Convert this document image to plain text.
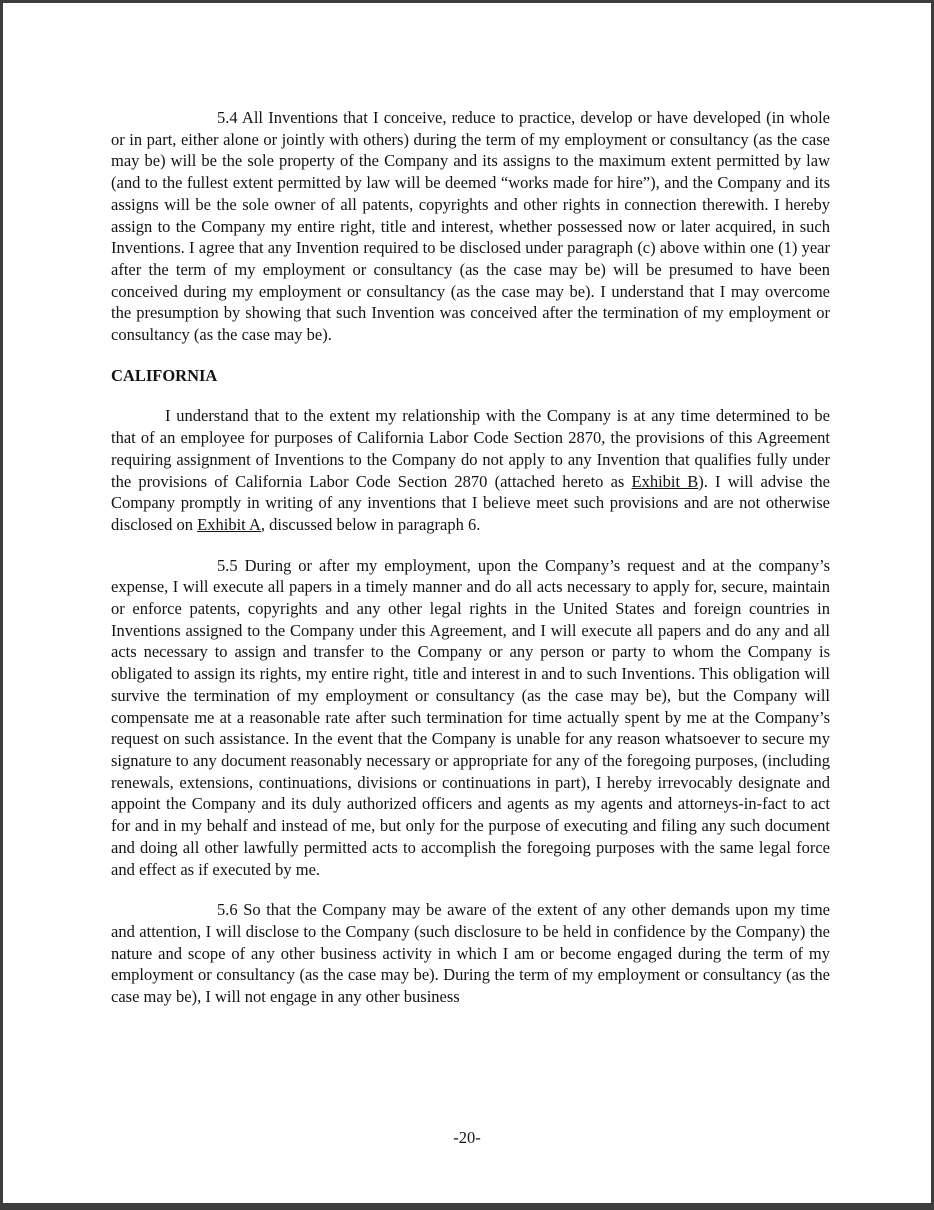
5.4 All Inventions that I conceive, reduce to practice, develop or have developed (in whole or in part, either alone or jointly with others) during the term of my employment or consultancy (as the case may be) will be the sole property of the Company and its assigns to the maximum extent permitted by law (and to the fullest extent permitted by law will be deemed “works made for hire”), and the Company and its assigns will be the sole owner of all patents, copyrights and other rights in connection therewith. I hereby assign to the Company my entire right, title and interest, whether possessed now or later acquired, in such Inventions. I agree that any Invention required to be disclosed under paragraph (c) above within one (1) year after the term of my employment or consultancy (as the case may be) will be presumed to have been conceived during my employment or consultancy (as the case may be). I understand that I may overcome the presumption by showing that such Invention was conceived after the termination of my employment or consultancy (as the case may be).

CALIFORNIA

I understand that to the extent my relationship with the Company is at any time determined to be that of an employee for purposes of California Labor Code Section 2870, the provisions of this Agreement requiring assignment of Inventions to the Company do not apply to any Invention that qualifies fully under the provisions of California Labor Code Section 2870 (attached hereto as Exhibit B). I will advise the Company promptly in writing of any inventions that I believe meet such provisions and are not otherwise disclosed on Exhibit A, discussed below in paragraph 6.

5.5 During or after my employment, upon the Company’s request and at the company’s expense, I will execute all papers in a timely manner and do all acts necessary to apply for, secure, maintain or enforce patents, copyrights and any other legal rights in the United States and foreign countries in Inventions assigned to the Company under this Agreement, and I will execute all papers and do any and all acts necessary to assign and transfer to the Company or any person or party to whom the Company is obligated to assign its rights, my entire right, title and interest in and to such Inventions. This obligation will survive the termination of my employment or consultancy (as the case may be), but the Company will compensate me at a reasonable rate after such termination for time actually spent by me at the Company’s request on such assistance. In the event that the Company is unable for any reason whatsoever to secure my signature to any document reasonably necessary or appropriate for any of the foregoing purposes, (including renewals, extensions, continuations, divisions or continuations in part), I hereby irrevocably designate and appoint the Company and its duly authorized officers and agents as my agents and attorneys-in-fact to act for and in my behalf and instead of me, but only for the purpose of executing and filing any such document and doing all other lawfully permitted acts to accomplish the foregoing purposes with the same legal force and effect as if executed by me.

5.6 So that the Company may be aware of the extent of any other demands upon my time and attention, I will disclose to the Company (such disclosure to be held in confidence by the Company) the nature and scope of any other business activity in which I am or become engaged during the term of my employment or consultancy (as the case may be). During the term of my employment or consultancy (as the case may be), I will not engage in any other business

-20-
